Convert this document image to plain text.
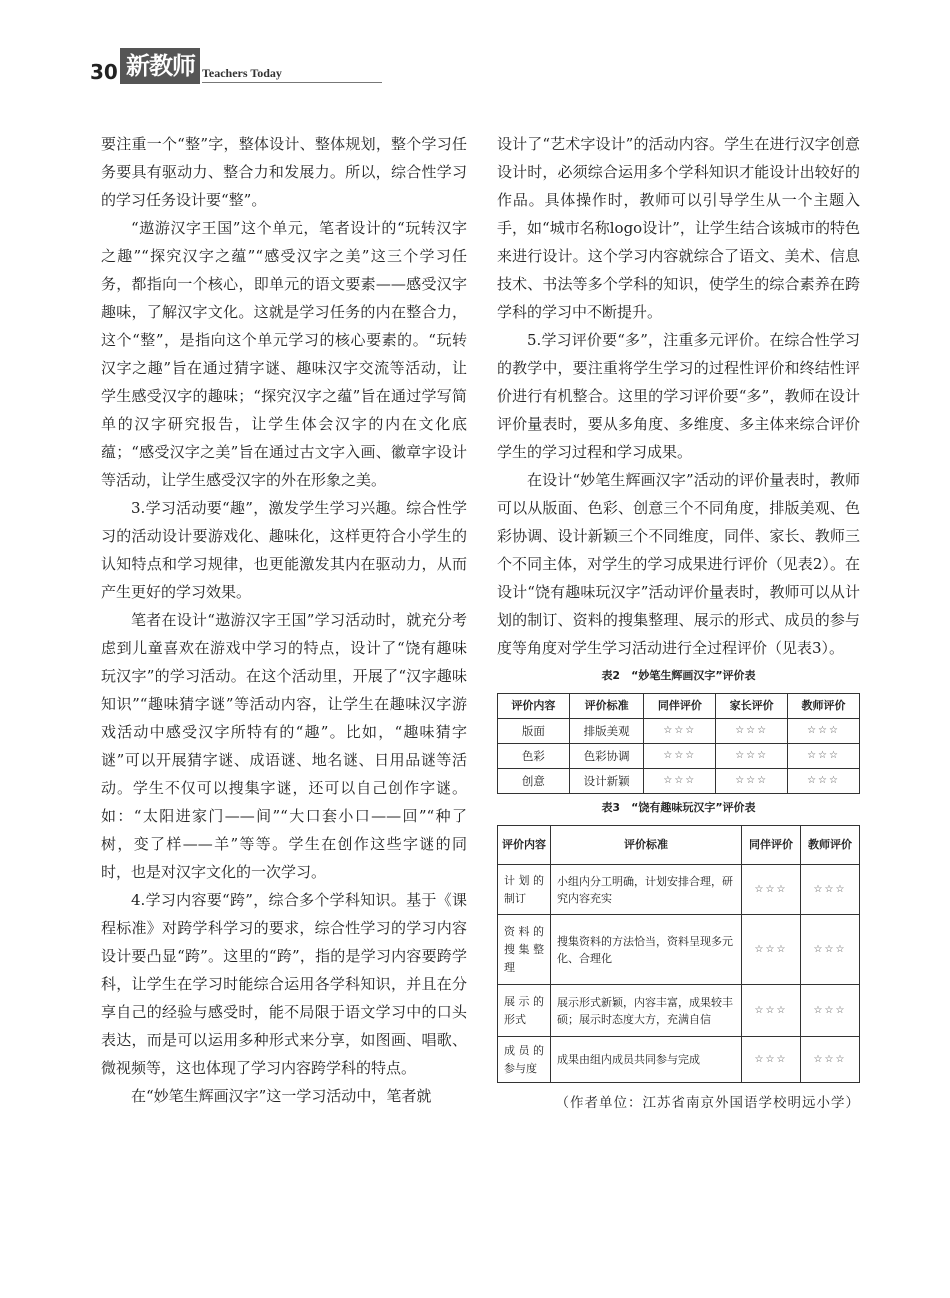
30 新教师 Teachers Today

要注重一个“整”字，整体设计、整体规划，整个学习任务要具有驱动力、整合力和发展力。所以，综合性学习的学习任务设计要“整”。

“遨游汉字王国”这个单元，笔者设计的“玩转汉字之趣”“探究汉字之蕴”“感受汉字之美”这三个学习任务，都指向一个核心，即单元的语文要素——感受汉字趣味，了解汉字文化。这就是学习任务的内在整合力，这个“整”，是指向这个单元学习的核心要素的。“玩转汉字之趣”旨在通过猜字谜、趣味汉字交流等活动，让学生感受汉字的趣味；“探究汉字之蕴”旨在通过学写简单的汉字研究报告，让学生体会汉字的内在文化底蕴；“感受汉字之美”旨在通过古文字入画、徽章字设计等活动，让学生感受汉字的外在形象之美。

3.学习活动要“趣”，激发学生学习兴趣。综合性学习的活动设计要游戏化、趣味化，这样更符合小学生的认知特点和学习规律，也更能激发其内在驱动力，从而产生更好的学习效果。

笔者在设计“遨游汉字王国”学习活动时，就充分考虑到儿童喜欢在游戏中学习的特点，设计了“饶有趣味玩汉字”的学习活动。在这个活动里，开展了“汉字趣味知识”“趣味猜字谜”等活动内容，让学生在趣味汉字游戏活动中感受汉字所特有的“趣”。比如，“趣味猜字谜”可以开展猜字谜、成语谜、地名谜、日用品谜等活动。学生不仅可以搜集字谜，还可以自己创作字谜。如：“太阳进家门——间”“大口套小口——回”“种了树，变了样——羊”等等。学生在创作这些字谜的同时，也是对汉字文化的一次学习。

4.学习内容要“跨”，综合多个学科知识。基于《课程标准》对跨学科学习的要求，综合性学习的学习内容设计要凸显“跨”。这里的“跨”，指的是学习内容要跨学科，让学生在学习时能综合运用各学科知识，并且在分享自己的经验与感受时，能不局限于语文学习中的口头表达，而是可以运用多种形式来分享，如图画、唱歌、微视频等，这也体现了学习内容跨学科的特点。

在“妙笔生辉画汉字”这一学习活动中，笔者就

设计了“艺术字设计”的活动内容。学生在进行汉字创意设计时，必须综合运用多个学科知识才能设计出较好的作品。具体操作时，教师可以引导学生从一个主题入手，如“城市名称logo设计”，让学生结合该城市的特色来进行设计。这个学习内容就综合了语文、美术、信息技术、书法等多个学科的知识，使学生的综合素养在跨学科的学习中不断提升。

5.学习评价要“多”，注重多元评价。在综合性学习的教学中，要注重将学生学习的过程性评价和终结性评价进行有机整合。这里的学习评价要“多”，教师在设计评价量表时，要从多角度、多维度、多主体来综合评价学生的学习过程和学习成果。

在设计“妙笔生辉画汉字”活动的评价量表时，教师可以从版面、色彩、创意三个不同角度，排版美观、色彩协调、设计新颖三个不同维度，同伴、家长、教师三个不同主体，对学生的学习成果进行评价（见表2）。在设计“饶有趣味玩汉字”活动评价量表时，教师可以从计划的制订、资料的搜集整理、展示的形式、成员的参与度等角度对学生学习活动进行全过程评价（见表3）。

表2　“妙笔生辉画汉字”评价表
评价内容	评价标准	同伴评价	家长评价	教师评价
版面	排版美观	☆☆☆	☆☆☆	☆☆☆
色彩	色彩协调	☆☆☆	☆☆☆	☆☆☆
创意	设计新颖	☆☆☆	☆☆☆	☆☆☆
表3　“饶有趣味玩汉字”评价表
评价内容	评价标准	同伴评价	教师评价
计划的制订	小组内分工明确，计划安排合理，研究内容充实	☆☆☆	☆☆☆
资料的搜集整理	搜集资料的方法恰当，资料呈现多元化、合理化	☆☆☆	☆☆☆
展示的形式	展示形式新颖，内容丰富，成果较丰硕；展示时态度大方，充满自信	☆☆☆	☆☆☆
成员的参与度	成果由组内成员共同参与完成	☆☆☆	☆☆☆
（作者单位：江苏省南京外国语学校明远小学）
